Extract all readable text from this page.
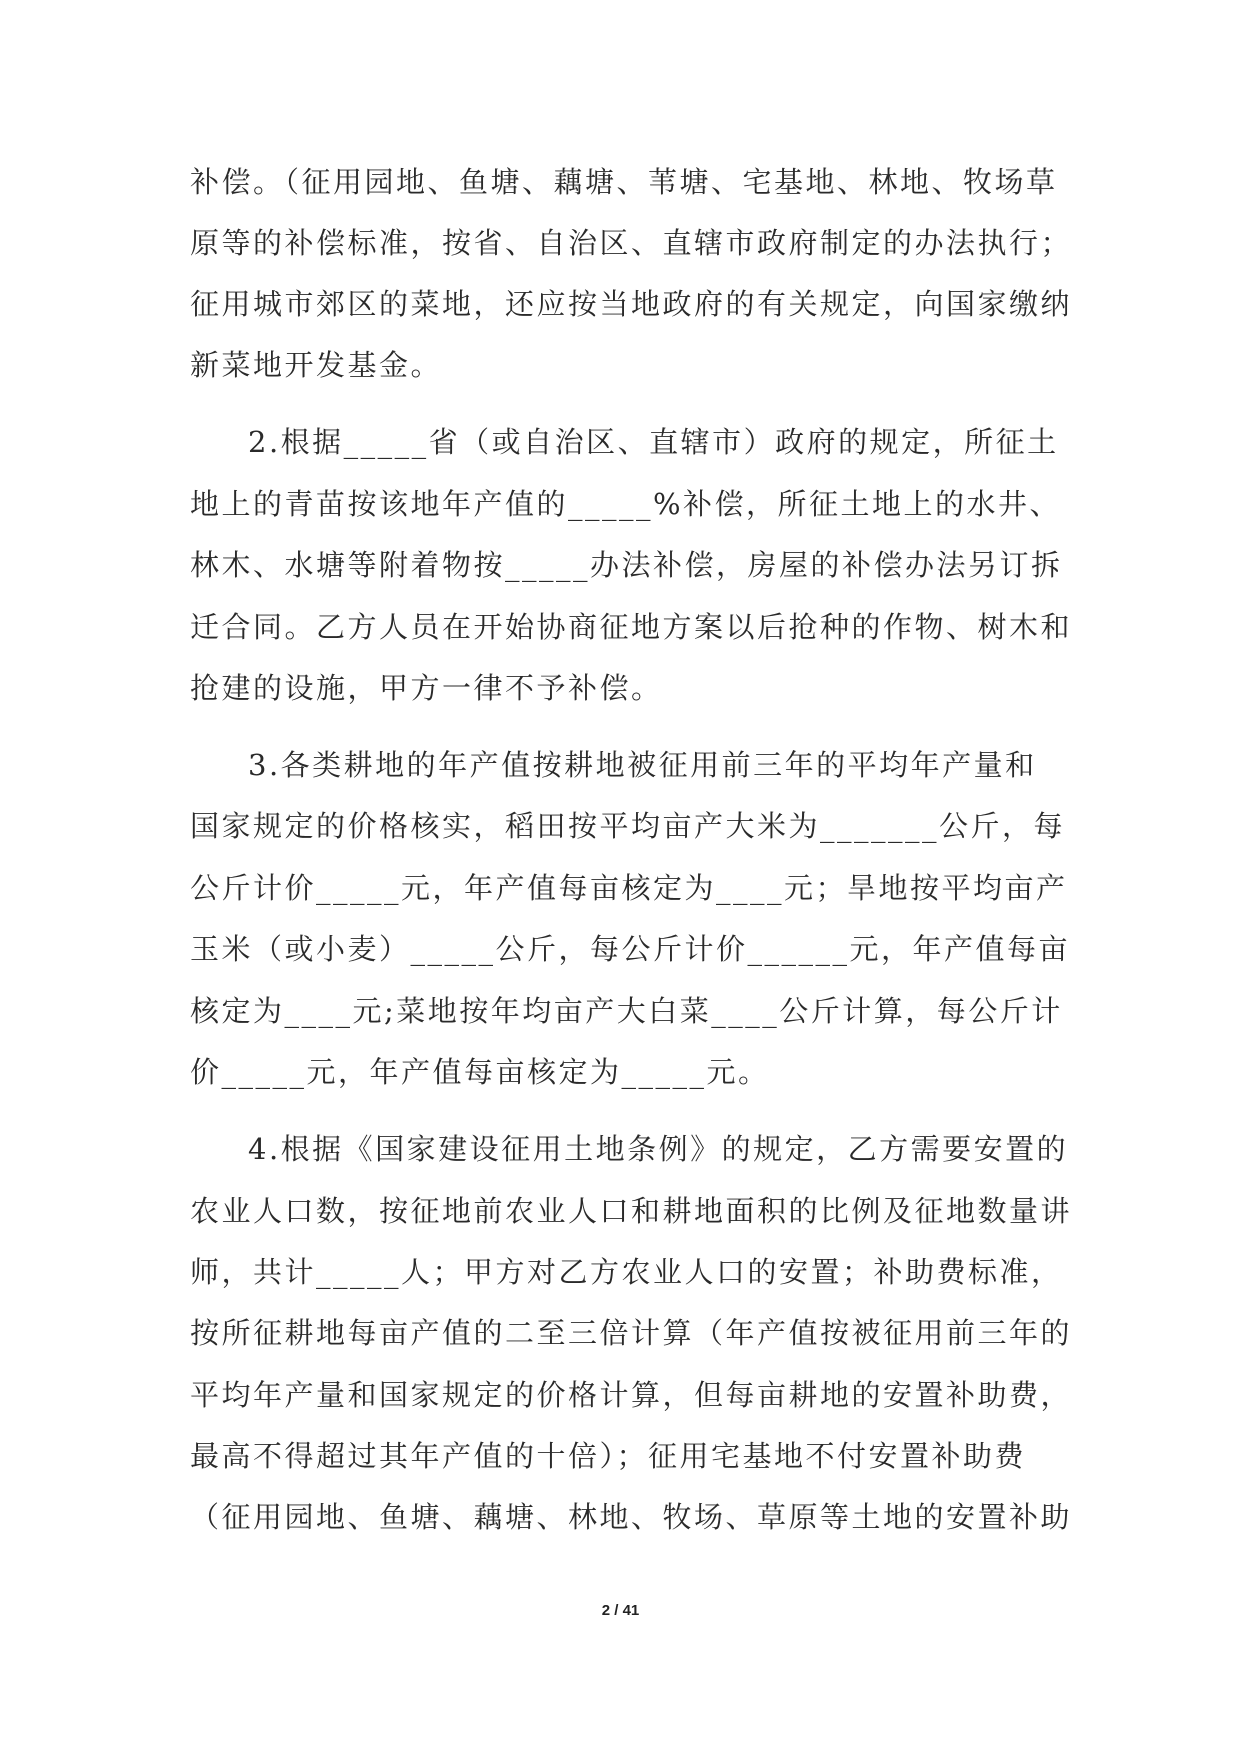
补偿。（征用园地、鱼塘、藕塘、苇塘、宅基地、林地、牧场草
原等的补偿标准，按省、自治区、直辖市政府制定的办法执行；
征用城市郊区的菜地，还应按当地政府的有关规定，向国家缴纳
新菜地开发基金。
2.根据_____省（或自治区、直辖市）政府的规定，所征土
地上的青苗按该地年产值的_____%补偿，所征土地上的水井、
林木、水塘等附着物按_____办法补偿，房屋的补偿办法另订拆
迁合同。乙方人员在开始协商征地方案以后抢种的作物、树木和
抢建的设施，甲方一律不予补偿。
3.各类耕地的年产值按耕地被征用前三年的平均年产量和
国家规定的价格核实，稻田按平均亩产大米为_______公斤，每
公斤计价_____元，年产值每亩核定为____元；旱地按平均亩产
玉米（或小麦）_____公斤，每公斤计价______元，年产值每亩
核定为____元;菜地按年均亩产大白菜____公斤计算，每公斤计
价_____元，年产值每亩核定为_____元。
4.根据《国家建设征用土地条例》的规定，乙方需要安置的
农业人口数，按征地前农业人口和耕地面积的比例及征地数量讲
师，共计_____人；甲方对乙方农业人口的安置；补助费标准，
按所征耕地每亩产值的二至三倍计算（年产值按被征用前三年的
平均年产量和国家规定的价格计算，但每亩耕地的安置补助费，
最高不得超过其年产值的十倍）；征用宅基地不付安置补助费
（征用园地、鱼塘、藕塘、林地、牧场、草原等土地的安置补助
2 / 41
